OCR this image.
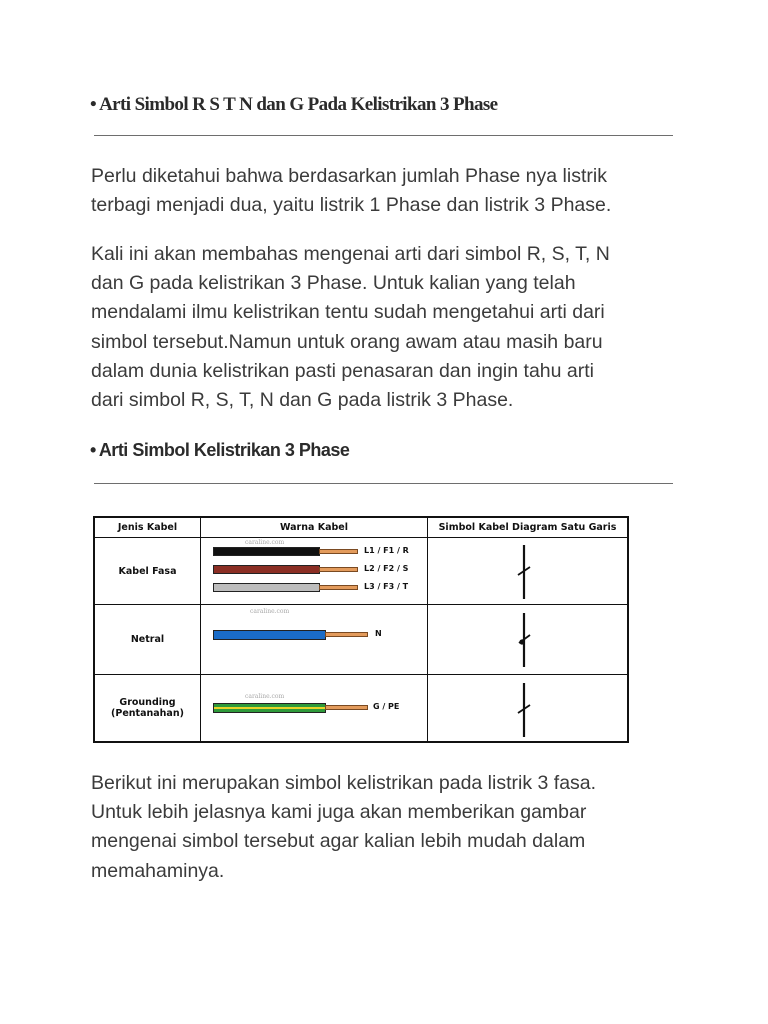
• Arti Simbol R S T N dan G Pada Kelistrikan 3 Phase
Perlu diketahui bahwa berdasarkan jumlah Phase nya listrik
terbagi menjadi dua, yaitu listrik 1 Phase dan listrik 3 Phase.
Kali ini akan membahas mengenai arti dari simbol R, S, T, N
dan G pada kelistrikan 3 Phase. Untuk kalian yang telah
mendalami ilmu kelistrikan tentu sudah mengetahui arti dari
simbol tersebut.Namun untuk orang awam atau masih baru
dalam dunia kelistrikan pasti penasaran dan ingin tahu arti
dari simbol R, S, T, N dan G pada listrik 3 Phase.
• Arti Simbol Kelistrikan 3 Phase
Jenis Kabel	Warna Kabel	Simbol Kabel Diagram Satu Garis
Kabel Fasa
caraline.com
L1 / F1 / R
L2 / F2 / S
L3 / F3 / T
Netral
caraline.com
N
Grounding
(Pentanahan)
caraline.com
G / PE
Berikut ini merupakan simbol kelistrikan pada listrik 3 fasa.
Untuk lebih jelasnya kami juga akan memberikan gambar
mengenai simbol tersebut agar kalian lebih mudah dalam
memahaminya.
